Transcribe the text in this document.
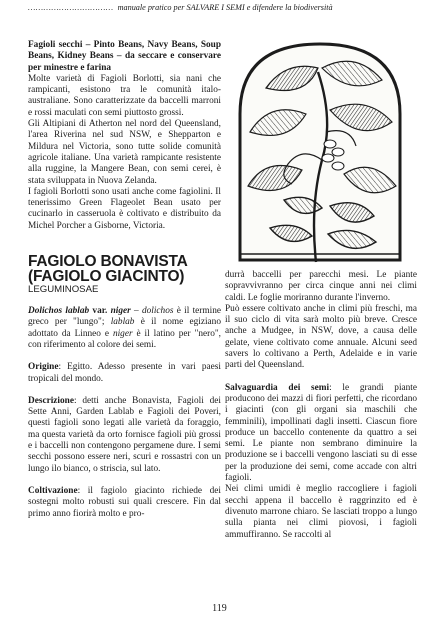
…………………………… manuale pratico per SALVARE I SEMI e difendere la biodiversità

Fagioli secchi – Pinto Beans, Navy Beans, Soup Beans, Kidney Beans – da seccare e conservare per minestre e farina

Molte varietà di Fagioli Borlotti, sia nani che rampicanti, esistono tra le comunità italo-australiane. Sono caratterizzate da baccelli marroni e rossi maculati con semi piuttosto grossi.

Gli Altipiani di Atherton nel nord del Queensland, l'area Riverina nel sud NSW, e Shepparton e Mildura nel Victoria, sono tutte solide comunità agricole italiane. Una varietà rampicante resistente alla ruggine, la Mangere Bean, con semi cerei, è stata sviluppata in Nuova Zelanda.

I fagioli Borlotti sono usati anche come fagiolini. Il tenerissimo Green Flageolet Bean usato per cucinarlo in casseruola è coltivato e distribuito da Michel Porcher a Gisborne, Victoria.

FAGIOLO BONAVISTA (FAGIOLO GIACINTO)

LEGUMINOSAE

Dolichos lablab var. niger – dolichos è il termine greco per "lungo"; lablab è il nome egiziano adottato da Linneo e niger è il latino per "nero", con riferimento al colore dei semi.

Origine: Egitto. Adesso presente in vari paesi tropicali del mondo.

Descrizione: detti anche Bonavista, Fagioli dei Sette Anni, Garden Lablab e Fagioli dei Poveri, questi fagioli sono legati alle varietà da foraggio, ma questa varietà da orto fornisce fagioli più grossi e i baccelli non contengono pergamene dure. I semi secchi possono essere neri, scuri e rossastri con un lungo ilo bianco, o striscia, sul lato.

Coltivazione: il fagiolo giacinto richiede dei sostegni molto robusti sui quali crescere. Fin dal primo anno fiorirà molto e pro-

durrà baccelli per parecchi mesi. Le piante sopravvivranno per circa cinque anni nei climi caldi. Le foglie moriranno durante l'inverno.

Può essere coltivato anche in climi più freschi, ma il suo ciclo di vita sarà molto più breve. Cresce anche a Mudgee, in NSW, dove, a causa delle gelate, viene coltivato come annuale. Alcuni seed savers lo coltivano a Perth, Adelaide e in varie parti del Queensland.

Salvaguardia dei semi: le grandi piante producono dei mazzi di fiori perfetti, che ricordano i giacinti (con gli organi sia maschili che femminili), impollinati dagli insetti. Ciascun fiore produce un baccello contenente da quattro a sei semi. Le piante non sembrano diminuire la produzione se i baccelli vengono lasciati su di esse per la produzione dei semi, come accade con altri fagioli.

Nei climi umidi è meglio raccogliere i fagioli secchi appena il baccello è raggrinzito ed è divenuto marrone chiaro. Se lasciati troppo a lungo sulla pianta nei climi piovosi, i fagioli ammuffiranno. Se raccolti al

119
